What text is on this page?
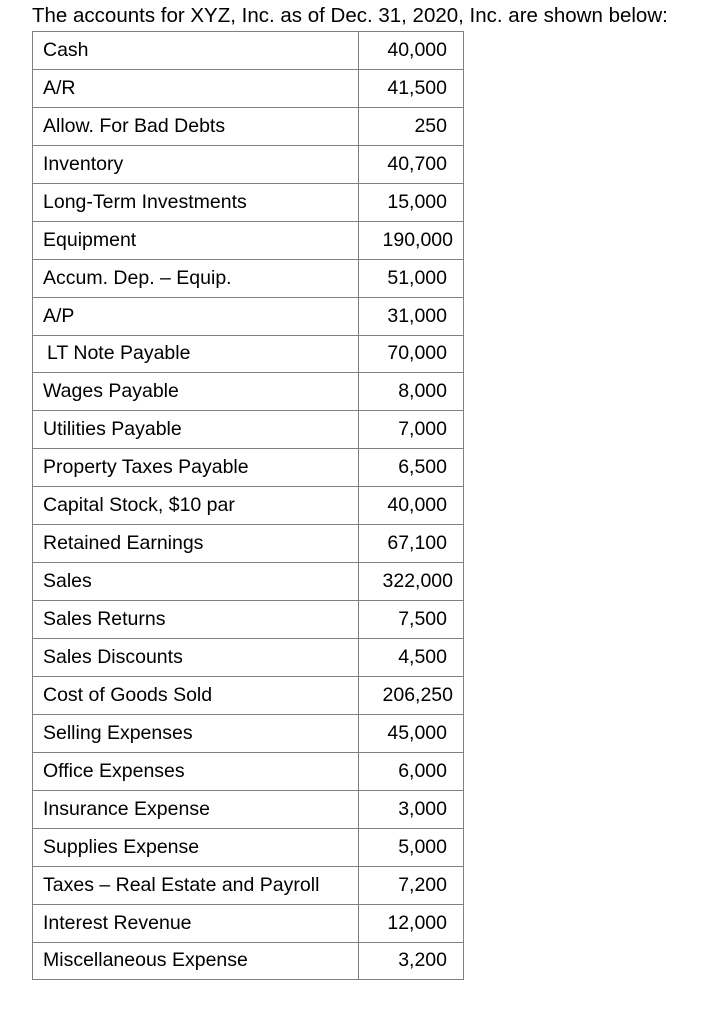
The accounts for XYZ, Inc. as of Dec. 31, 2020, Inc. are shown below:
Cash	40,000
A/R	41,500
Allow. For Bad Debts	250
Inventory	40,700
Long-Term Investments	15,000
Equipment	190,000
Accum. Dep. – Equip.	51,000
A/P	31,000
LT Note Payable	70,000
Wages Payable	8,000
Utilities Payable	7,000
Property Taxes Payable	6,500
Capital Stock, $10 par	40,000
Retained Earnings	67,100
Sales	322,000
Sales Returns	7,500
Sales Discounts	4,500
Cost of Goods Sold	206,250
Selling Expenses	45,000
Office Expenses	6,000
Insurance Expense	3,000
Supplies Expense	5,000
Taxes – Real Estate and Payroll	7,200
Interest Revenue	12,000
Miscellaneous Expense	3,200
